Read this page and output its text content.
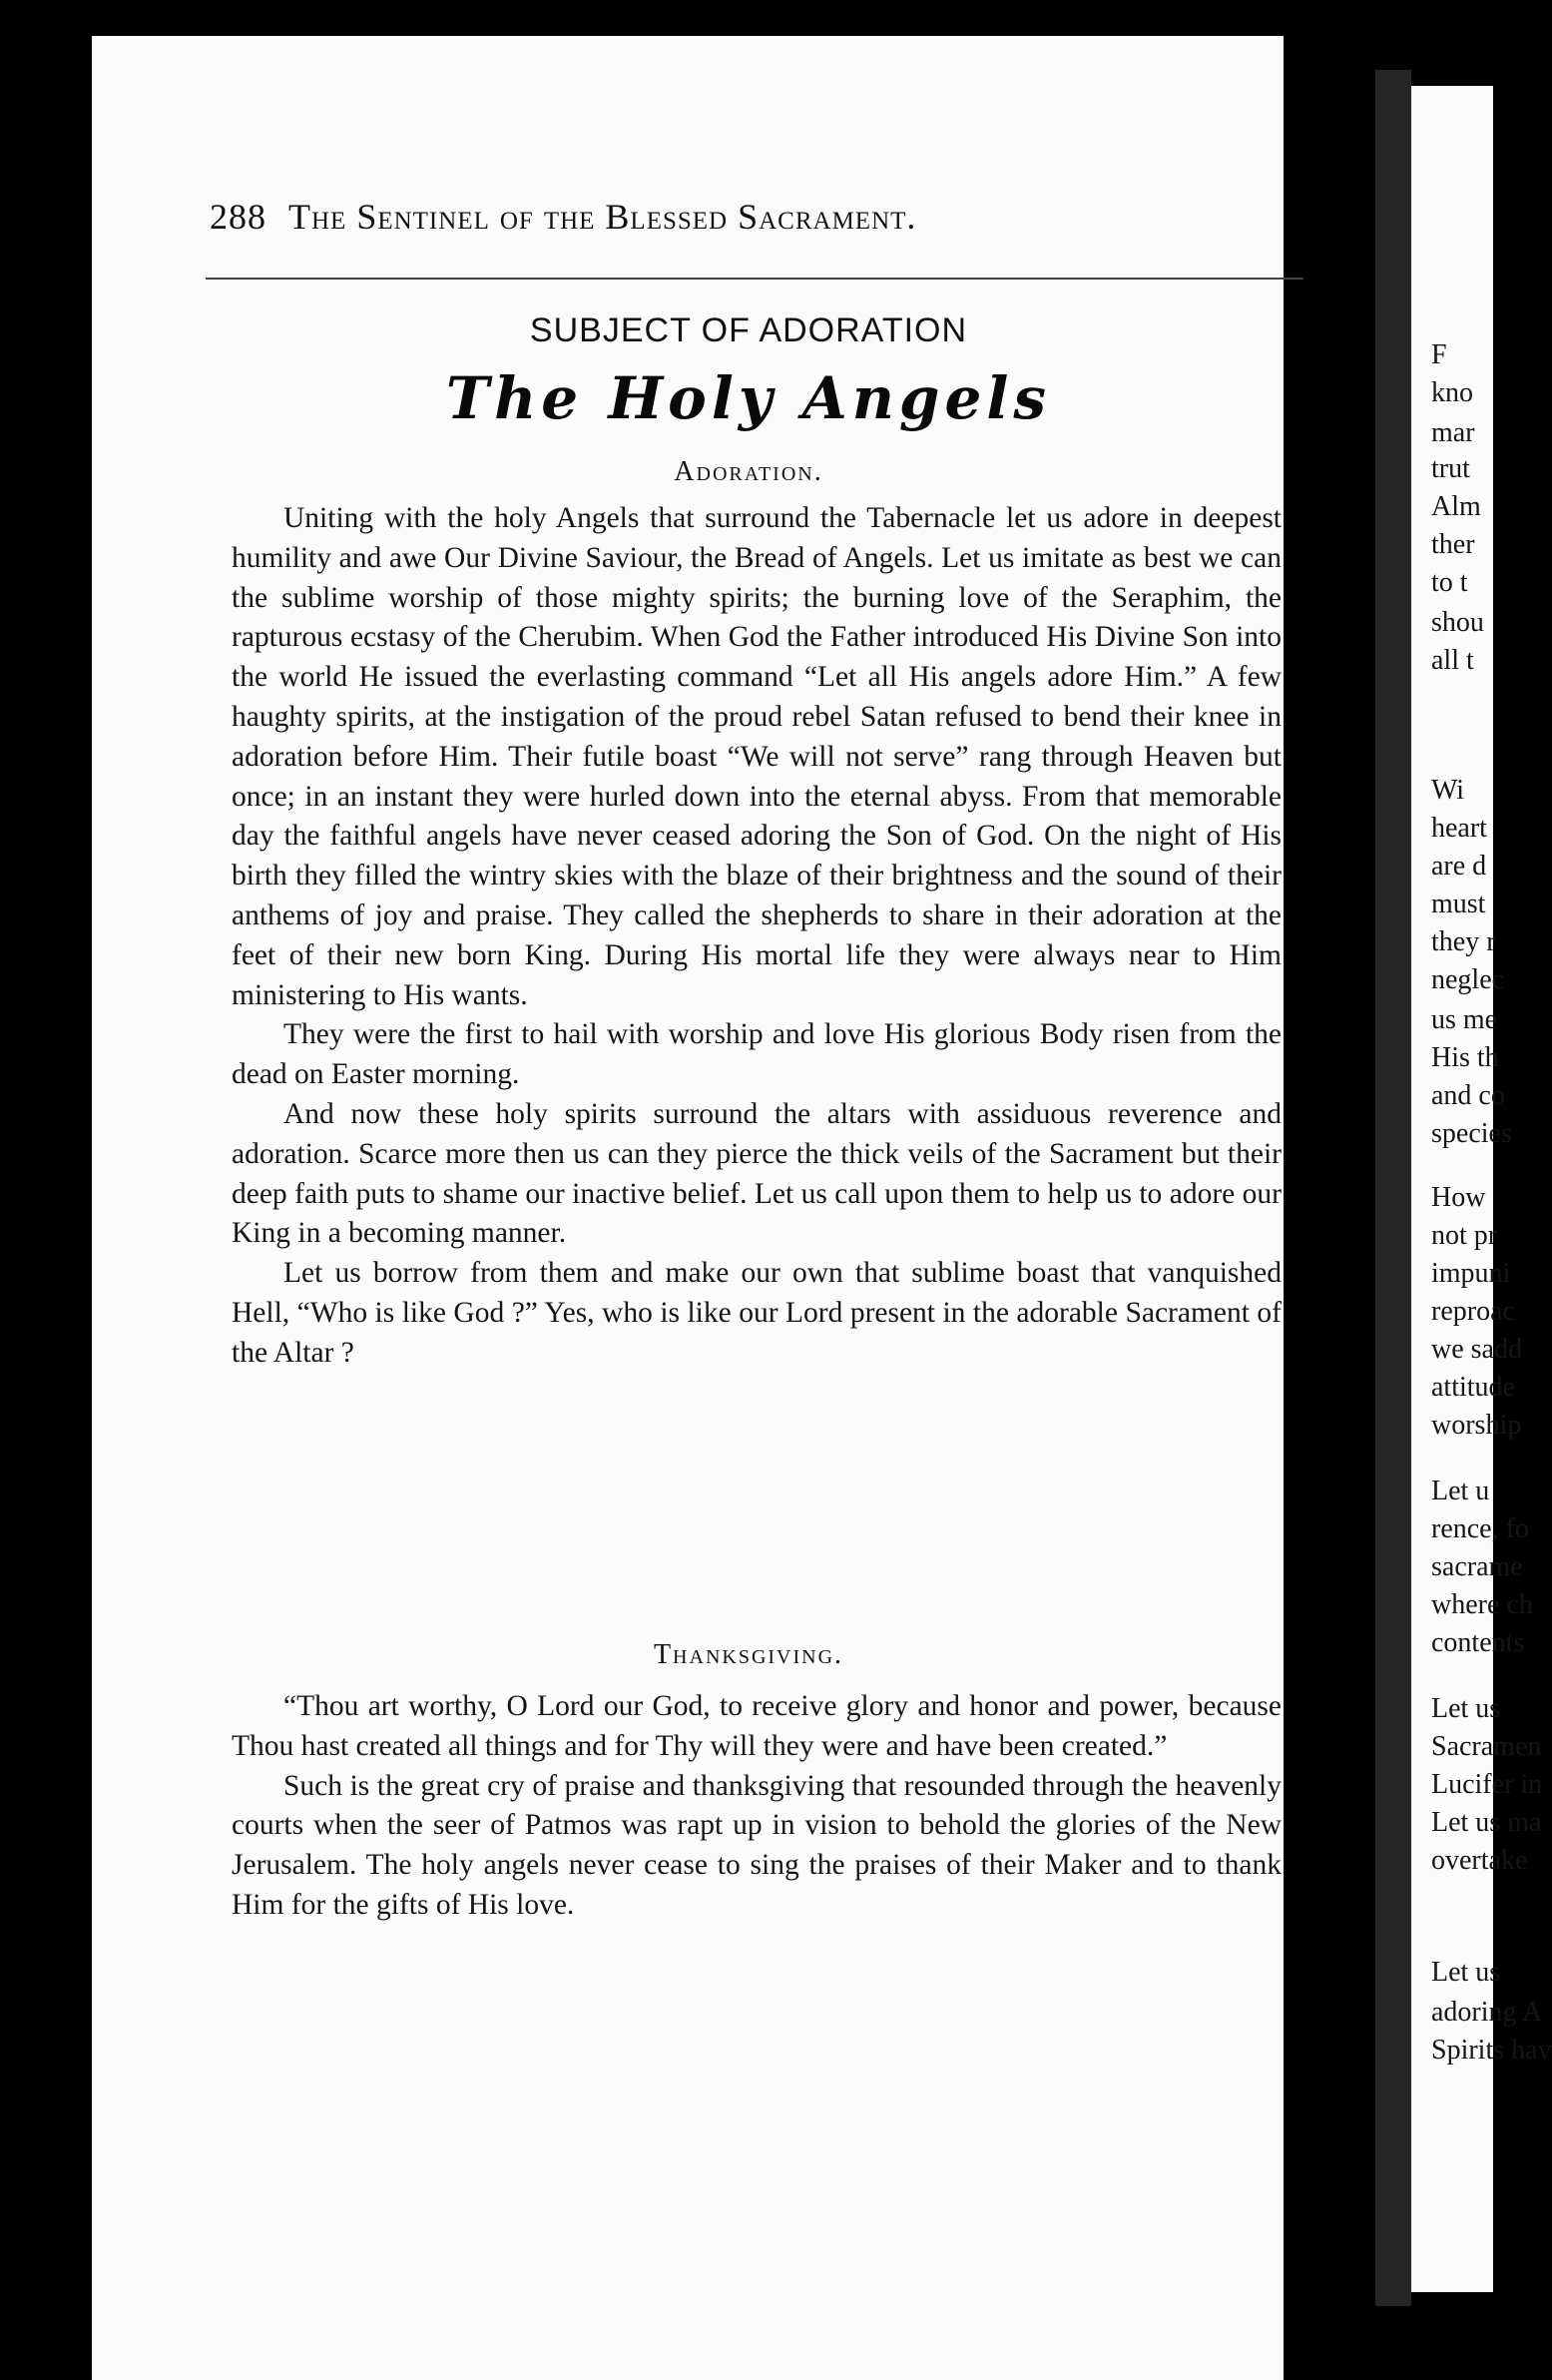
288 The Sentinel of the Blessed Sacrament.
SUBJECT OF ADORATION
The Holy Angels
Adoration.

Uniting with the holy Angels that surround the Tabernacle let us adore in deepest humility and awe Our Divine Saviour, the Bread of Angels. Let us imitate as best we can the sublime worship of those mighty spirits; the burning love of the Seraphim, the rapturous ecstasy of the Cherubim. When God the Father introduced His Divine Son into the world He issued the everlasting command “Let all His angels adore Him.” A few haughty spirits, at the instigation of the proud rebel Satan refused to bend their knee in adoration before Him. Their futile boast “We will not serve” rang through Heaven but once; in an instant they were hurled down into the eternal abyss. From that memorable day the faithful angels have never ceased adoring the Son of God. On the night of His birth they filled the wintry skies with the blaze of their brightness and the sound of their anthems of joy and praise. They called the shepherds to share in their adoration at the feet of their new born King. During His mortal life they were always near to Him ministering to His wants.

They were the first to hail with worship and love His glorious Body risen from the dead on Easter morning.

And now these holy spirits surround the altars with assiduous reverence and adoration. Scarce more then us can they pierce the thick veils of the Sacrament but their deep faith puts to shame our inactive belief. Let us call upon them to help us to adore our King in a becoming manner.

Let us borrow from them and make our own that sublime boast that vanquished Hell, “Who is like God ?” Yes, who is like our Lord present in the adorable Sacrament of the Altar ?

Thanksgiving.

“Thou art worthy, O Lord our God, to receive glory and honor and power, because Thou hast created all things and for Thy will they were and have been created.”

Such is the great cry of praise and thanksgiving that resounded through the heavenly courts when the seer of Patmos was rapt up in vision to behold the glories of the New Jerusalem. The holy angels never cease to sing the praises of their Maker and to thank Him for the gifts of His love.

F
kno
mar
trut
Alm
ther
to t
shou
all t
Wi
heart
are d
must
they r
neglec
us me
His th
and co
species
How
not pr
impuni
reproac
we sadd
attitude
worship
Let u
rence, fo
sacrame
where ch
contents
Let us
Sacramen
Lucifer in
Let us ma
overtake
Let us
adoring A
Spirits hav
